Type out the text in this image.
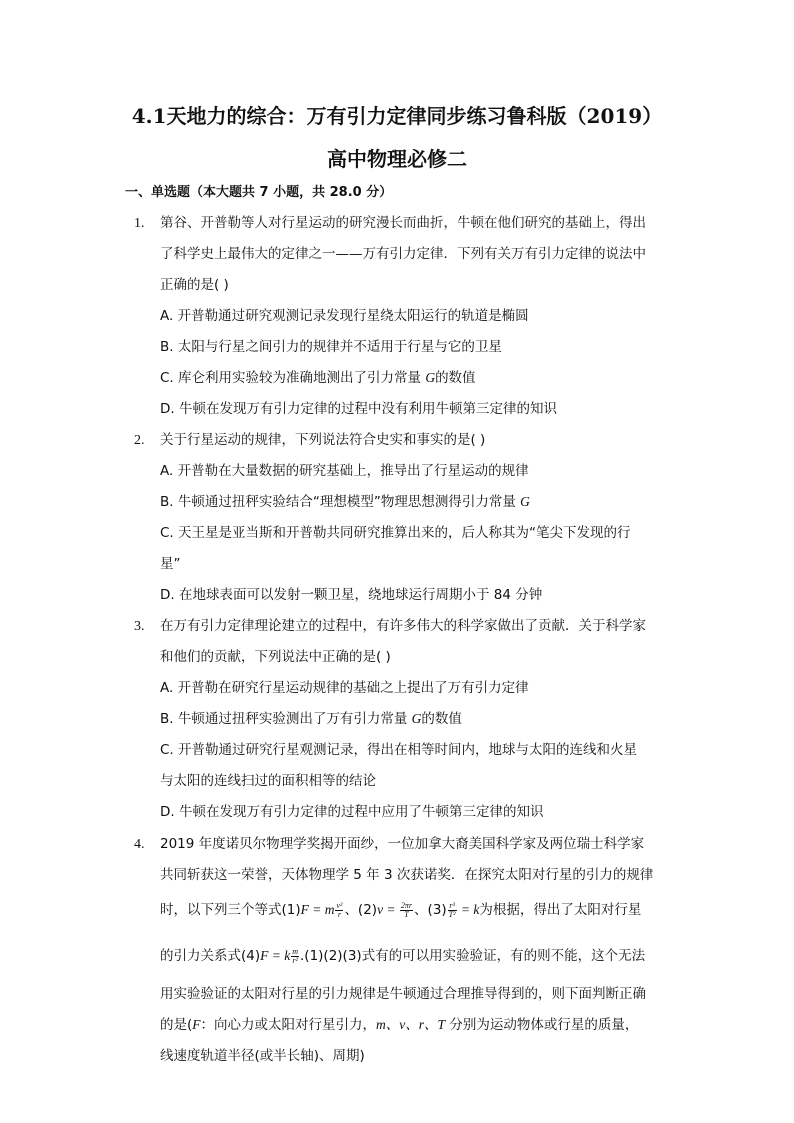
4.1天地力的综合：万有引力定律同步练习鲁科版（2019）
高中物理必修二
一、单选题（本大题共 7 小题，共 28.0 分）
1. 第谷、开普勒等人对行星运动的研究漫长而曲折，牛顿在他们研究的基础上，得出
了科学史上最伟大的定律之一——万有引力定律．下列有关万有引力定律的说法中
正确的是( )
A. 开普勒通过研究观测记录发现行星绕太阳运行的轨道是椭圆
B. 太阳与行星之间引力的规律并不适用于行星与它的卫星
C. 库仑利用实验较为准确地测出了引力常量 G的数值
D. 牛顿在发现万有引力定律的过程中没有利用牛顿第三定律的知识
2. 关于行星运动的规律，下列说法符合史实和事实的是( )
A. 开普勒在大量数据的研究基础上，推导出了行星运动的规律
B. 牛顿通过扭秤实验结合“理想模型”物理思想测得引力常量 G
C. 天王星是亚当斯和开普勒共同研究推算出来的，后人称其为“笔尖下发现的行
星”
D. 在地球表面可以发射一颗卫星，绕地球运行周期小于 84 分钟
3. 在万有引力定律理论建立的过程中，有许多伟大的科学家做出了贡献．关于科学家
和他们的贡献，下列说法中正确的是( )
A. 开普勒在研究行星运动规律的基础之上提出了万有引力定律
B. 牛顿通过扭秤实验测出了万有引力常量 G的数值
C. 开普勒通过研究行星观测记录，得出在相等时间内，地球与太阳的连线和火星
与太阳的连线扫过的面积相等的结论
D. 牛顿在发现万有引力定律的过程中应用了牛顿第三定律的知识
4. 2019 年度诺贝尔物理学奖揭开面纱，一位加拿大裔美国科学家及两位瑞士科学家
共同斩获这一荣誉，天体物理学 5 年 3 次获诺奖．在探究太阳对行星的引力的规律
时，以下列三个等式(1)F = m $\frac{\text{v²}}{r}$ 、$(2)v = \frac{2\pi r}{T}$ 、$(3) \frac{\text{r³}}{\text{T²}} = k$为根据，得出了太阳对行星
的引力关系式(4)F = k $\frac{m}{\text{r²}} .(1)(2)(3)$式有的可以用实验验证，有的则不能，这个无法
用实验验证的太阳对行星的引力规律是牛顿通过合理推导得到的，则下面判断正确
的是(F：向心力或太阳对行星引力，m、v、r、T 分别为运动物体或行星的质量，
线速度轨道半径(或半长轴)、周期)
